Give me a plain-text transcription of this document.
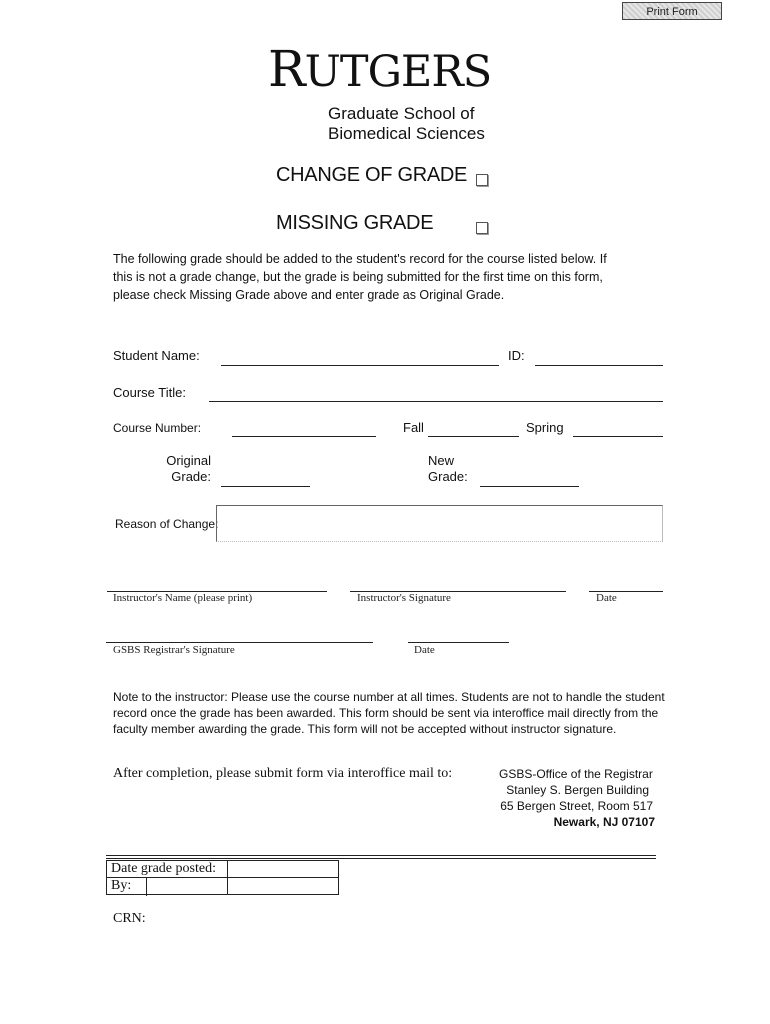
Print Form
RUTGERS
Graduate School of
Biomedical Sciences
CHANGE OF GRADE
MISSING GRADE
The following grade should be added to the student's record for the course listed below. If
this is not a grade change, but the grade is being submitted for the first time on this form,
please check Missing Grade above and enter grade as Original Grade.
Student Name:	ID:
Course Title:
Course Number:	Fall	Spring
Original
Grade:
New
Grade:
Reason of Change:
Instructor's Name (please print)	Instructor's Signature	Date
GSBS Registrar's Signature	Date
Note to the instructor: Please use the course number at all times. Students are not to handle the student
record once the grade has been awarded. This form should be sent via interoffice mail directly from the
faculty member awarding the grade. This form will not be accepted without instructor signature.
After completion, please submit form via interoffice mail to:	GSBS-Office of the Registrar
Stanley S. Bergen Building
65 Bergen Street, Room 517
Newark, NJ 07107
Date grade posted:	
By:	
CRN:
